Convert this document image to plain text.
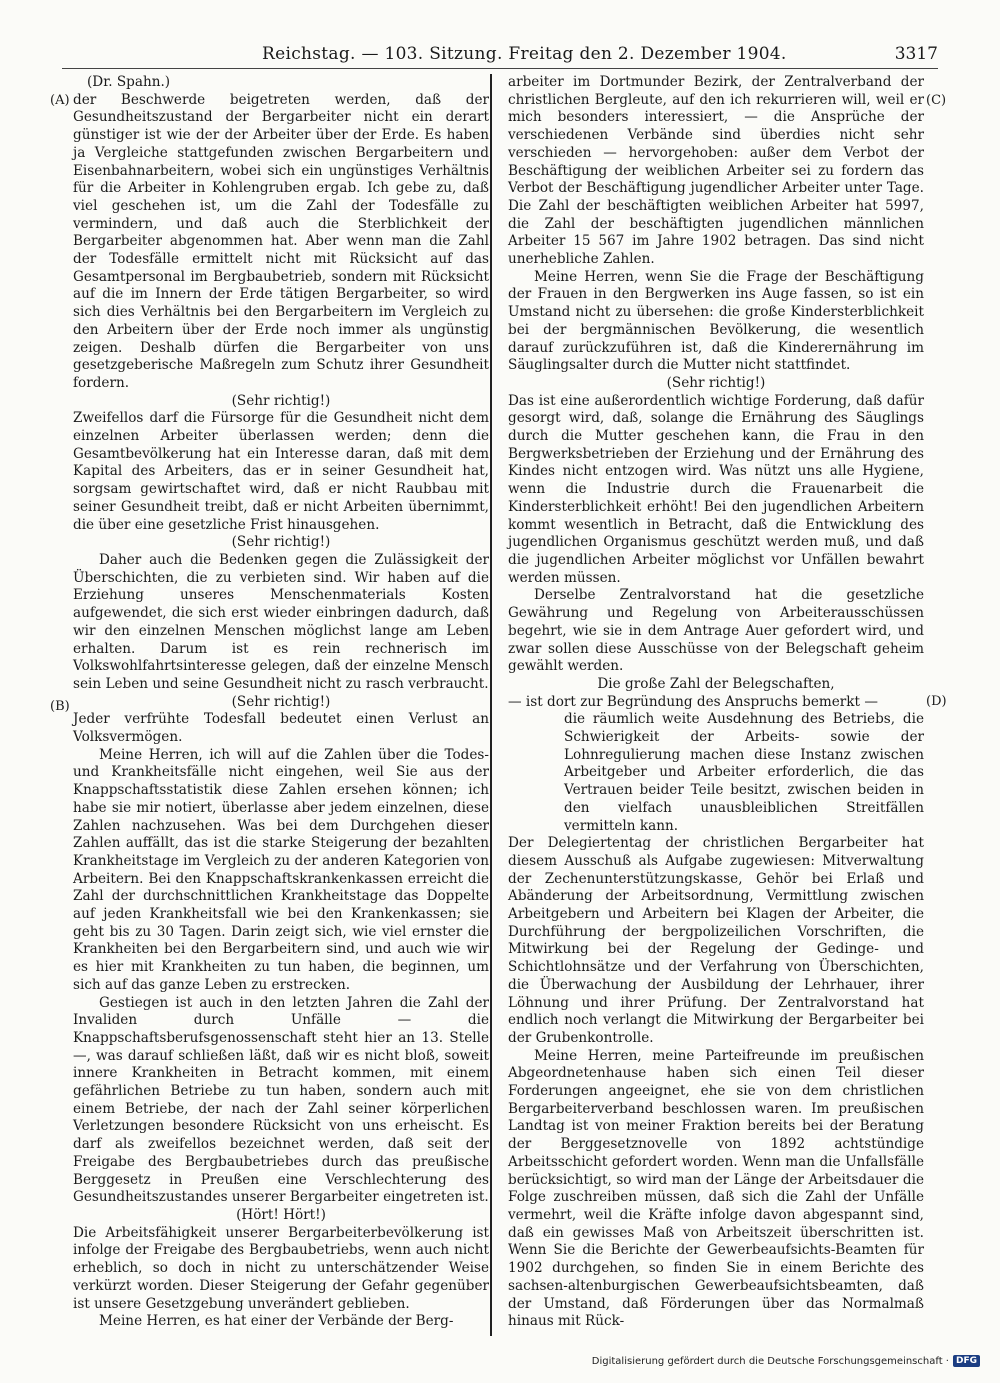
Reichstag. — 103. Sitzung. Freitag den 2. Dezember 1904.	3317
(A)
(B)
(C)
(D)

(Dr. Spahn.)

der Beschwerde beigetreten werden, daß der Gesundheitszustand der Bergarbeiter nicht ein derart günstiger ist wie der der Arbeiter über der Erde. Es haben ja Vergleiche stattgefunden zwischen Bergarbeitern und Eisenbahnarbeitern, wobei sich ein ungünstiges Verhältnis für die Arbeiter in Kohlengruben ergab. Ich gebe zu, daß viel geschehen ist, um die Zahl der Todesfälle zu vermindern, und daß auch die Sterblichkeit der Bergarbeiter abgenommen hat. Aber wenn man die Zahl der Todesfälle ermittelt nicht mit Rücksicht auf das Gesamtpersonal im Bergbaubetrieb, sondern mit Rücksicht auf die im Innern der Erde tätigen Bergarbeiter, so wird sich dies Verhältnis bei den Bergarbeitern im Vergleich zu den Arbeitern über der Erde noch immer als ungünstig zeigen. Deshalb dürfen die Bergarbeiter von uns gesetzgeberische Maßregeln zum Schutz ihrer Gesundheit fordern.

(Sehr richtig!)

Zweifellos darf die Fürsorge für die Gesundheit nicht dem einzelnen Arbeiter überlassen werden; denn die Gesamtbevölkerung hat ein Interesse daran, daß mit dem Kapital des Arbeiters, das er in seiner Gesundheit hat, sorgsam gewirtschaftet wird, daß er nicht Raubbau mit seiner Gesundheit treibt, daß er nicht Arbeiten übernimmt, die über eine gesetzliche Frist hinausgehen.

(Sehr richtig!)

Daher auch die Bedenken gegen die Zulässigkeit der Überschichten, die zu verbieten sind. Wir haben auf die Erziehung unseres Menschenmaterials Kosten aufgewendet, die sich erst wieder einbringen dadurch, daß wir den einzelnen Menschen möglichst lange am Leben erhalten. Darum ist es rein rechnerisch im Volkswohlfahrtsinteresse gelegen, daß der einzelne Mensch sein Leben und seine Gesundheit nicht zu rasch verbraucht.

(Sehr richtig!)

Jeder verfrühte Todesfall bedeutet einen Verlust an Volksvermögen.

Meine Herren, ich will auf die Zahlen über die Todes- und Krankheitsfälle nicht eingehen, weil Sie aus der Knappschaftsstatistik diese Zahlen ersehen können; ich habe sie mir notiert, überlasse aber jedem einzelnen, diese Zahlen nachzusehen. Was bei dem Durchgehen dieser Zahlen auffällt, das ist die starke Steigerung der bezahlten Krankheitstage im Vergleich zu der anderen Kategorien von Arbeitern. Bei den Knappschaftskrankenkassen erreicht die Zahl der durchschnittlichen Krankheitstage das Doppelte auf jeden Krankheitsfall wie bei den Krankenkassen; sie geht bis zu 30 Tagen. Darin zeigt sich, wie viel ernster die Krankheiten bei den Bergarbeitern sind, und auch wie wir es hier mit Krankheiten zu tun haben, die beginnen, um sich auf das ganze Leben zu erstrecken.

Gestiegen ist auch in den letzten Jahren die Zahl der Invaliden durch Unfälle — die Knappschaftsberufsgenossenschaft steht hier an 13. Stelle —, was darauf schließen läßt, daß wir es nicht bloß, soweit innere Krankheiten in Betracht kommen, mit einem gefährlichen Betriebe zu tun haben, sondern auch mit einem Betriebe, der nach der Zahl seiner körperlichen Verletzungen besondere Rücksicht von uns erheischt. Es darf als zweifellos bezeichnet werden, daß seit der Freigabe des Bergbaubetriebes durch das preußische Berggesetz in Preußen eine Verschlechterung des Gesundheitszustandes unserer Bergarbeiter eingetreten ist.

(Hört! Hört!)

Die Arbeitsfähigkeit unserer Bergarbeiterbevölkerung ist infolge der Freigabe des Bergbaubetriebs, wenn auch nicht erheblich, so doch in nicht zu unterschätzender Weise verkürzt worden. Dieser Steigerung der Gefahr gegenüber ist unsere Gesetzgebung unverändert geblieben.

Meine Herren, es hat einer der Verbände der Berg-

arbeiter im Dortmunder Bezirk, der Zentralverband der christlichen Bergleute, auf den ich rekurrieren will, weil er mich besonders interessiert, — die Ansprüche der verschiedenen Verbände sind überdies nicht sehr verschieden — hervorgehoben: außer dem Verbot der Beschäftigung der weiblichen Arbeiter sei zu fordern das Verbot der Beschäftigung jugendlicher Arbeiter unter Tage. Die Zahl der beschäftigten weiblichen Arbeiter hat 5997, die Zahl der beschäftigten jugendlichen männlichen Arbeiter 15 567 im Jahre 1902 betragen. Das sind nicht unerhebliche Zahlen.

Meine Herren, wenn Sie die Frage der Beschäftigung der Frauen in den Bergwerken ins Auge fassen, so ist ein Umstand nicht zu übersehen: die große Kindersterblichkeit bei der bergmännischen Bevölkerung, die wesentlich darauf zurückzuführen ist, daß die Kinderernährung im Säuglingsalter durch die Mutter nicht stattfindet.

(Sehr richtig!)

Das ist eine außerordentlich wichtige Forderung, daß dafür gesorgt wird, daß, solange die Ernährung des Säuglings durch die Mutter geschehen kann, die Frau in den Bergwerksbetrieben der Erziehung und der Ernährung des Kindes nicht entzogen wird. Was nützt uns alle Hygiene, wenn die Industrie durch die Frauenarbeit die Kindersterblichkeit erhöht! Bei den jugendlichen Arbeitern kommt wesentlich in Betracht, daß die Entwicklung des jugendlichen Organismus geschützt werden muß, und daß die jugendlichen Arbeiter möglichst vor Unfällen bewahrt werden müssen.

Derselbe Zentralvorstand hat die gesetzliche Gewährung und Regelung von Arbeiterausschüssen begehrt, wie sie in dem Antrage Auer gefordert wird, und zwar sollen diese Ausschüsse von der Belegschaft geheim gewählt werden.

Die große Zahl der Belegschaften,

— ist dort zur Begründung des Anspruchs bemerkt —

die räumlich weite Ausdehnung des Betriebs, die Schwierigkeit der Arbeits- sowie der Lohnregulierung machen diese Instanz zwischen Arbeitgeber und Arbeiter erforderlich, die das Vertrauen beider Teile besitzt, zwischen beiden in den vielfach unausbleiblichen Streitfällen vermitteln kann.

Der Delegiertentag der christlichen Bergarbeiter hat diesem Ausschuß als Aufgabe zugewiesen: Mitverwaltung der Zechenunterstützungskasse, Gehör bei Erlaß und Abänderung der Arbeitsordnung, Vermittlung zwischen Arbeitgebern und Arbeitern bei Klagen der Arbeiter, die Durchführung der bergpolizeilichen Vorschriften, die Mitwirkung bei der Regelung der Gedinge- und Schichtlohnsätze und der Verfahrung von Überschichten, die Überwachung der Ausbildung der Lehrhauer, ihrer Löhnung und ihrer Prüfung. Der Zentralvorstand hat endlich noch verlangt die Mitwirkung der Bergarbeiter bei der Grubenkontrolle.

Meine Herren, meine Parteifreunde im preußischen Abgeordnetenhause haben sich einen Teil dieser Forderungen angeeignet, ehe sie von dem christlichen Bergarbeiterverband beschlossen waren. Im preußischen Landtag ist von meiner Fraktion bereits bei der Beratung der Berggesetznovelle von 1892 achtstündige Arbeitsschicht gefordert worden. Wenn man die Unfallsfälle berücksichtigt, so wird man der Länge der Arbeitsdauer die Folge zuschreiben müssen, daß sich die Zahl der Unfälle vermehrt, weil die Kräfte infolge davon abgespannt sind, daß ein gewisses Maß von Arbeitszeit überschritten ist. Wenn Sie die Berichte der Gewerbeaufsichts-Beamten für 1902 durchgehen, so finden Sie in einem Berichte des sachsen-altenburgischen Gewerbeaufsichtsbeamten, daß der Umstand, daß Förderungen über das Normalmaß hinaus mit Rück-

Digitalisierung gefördert durch die Deutsche Forschungsgemeinschaft · DFG
